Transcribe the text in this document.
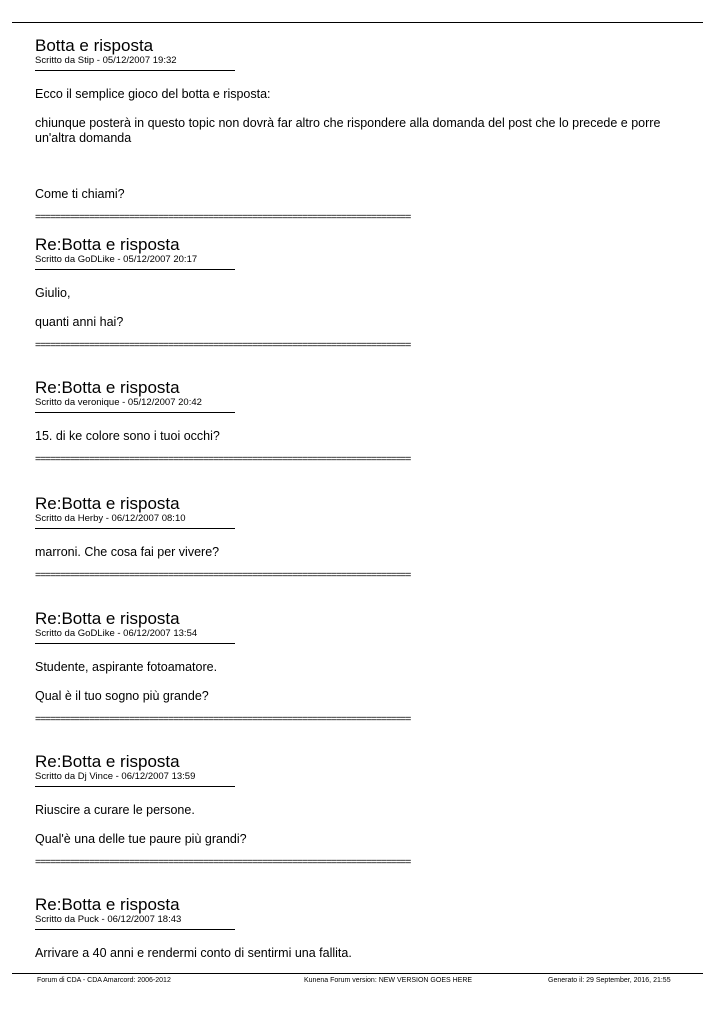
Botta e risposta
Scritto da Stip - 05/12/2007 19:32

Ecco il semplice gioco del botta e risposta:

chiunque posterà in questo topic non dovrà far altro che rispondere alla domanda del post che lo precede e porre un'altra domanda

Come ti chiami?

============================================================================
Re:Botta e risposta
Scritto da GoDLike - 05/12/2007 20:17

Giulio,

quanti anni hai?

============================================================================
Re:Botta e risposta
Scritto da veronique - 05/12/2007 20:42

15. di ke colore sono i tuoi occhi?

============================================================================
Re:Botta e risposta
Scritto da Herby - 06/12/2007 08:10

marroni. Che cosa fai per vivere?

============================================================================
Re:Botta e risposta
Scritto da GoDLike - 06/12/2007 13:54

Studente, aspirante fotoamatore.

Qual è il tuo sogno più grande?

============================================================================
Re:Botta e risposta
Scritto da Dj Vince - 06/12/2007 13:59

Riuscire a curare le persone.

Qual'è una delle tue paure più grandi?

============================================================================
Re:Botta e risposta
Scritto da Puck - 06/12/2007 18:43

Arrivare a 40 anni e rendermi conto di sentirmi una fallita.

Forum di CDA - CDA Amarcord: 2006-2012	Kunena Forum version: NEW VERSION GOES HERE	Generato il: 29 September, 2016, 21:55
